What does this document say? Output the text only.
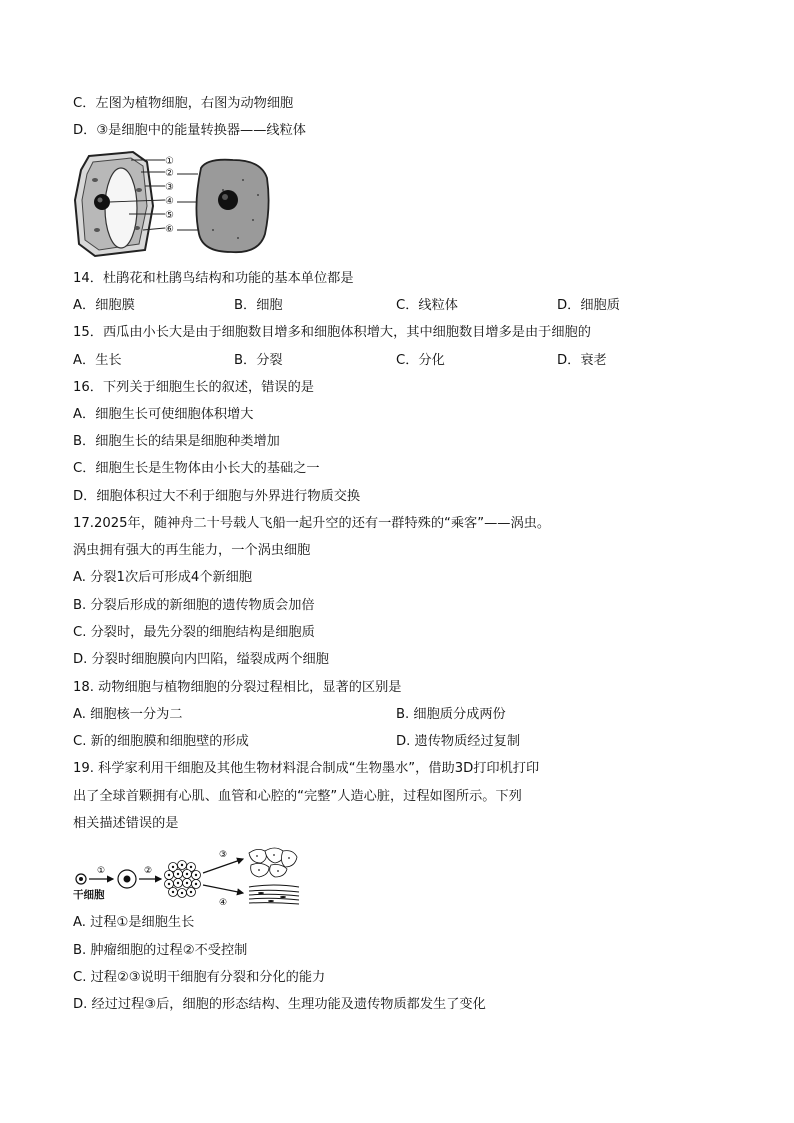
C．左图为植物细胞，右图为动物细胞
D．③是细胞中的能量转换器——线粒体
①
②
③
④
⑤
⑥
14．杜鹃花和杜鹃鸟结构和功能的基本单位都是
A．细胞膜	B．细胞	C．线粒体	D．细胞质
15．西瓜由小长大是由于细胞数目增多和细胞体积增大，其中细胞数目增多是由于细胞的
A．生长	B．分裂	C．分化	D．衰老
16．下列关于细胞生长的叙述，错误的是
A．细胞生长可使细胞体积增大
B．细胞生长的结果是细胞种类增加
C．细胞生长是生物体由小长大的基础之一
D．细胞体积过大不利于细胞与外界进行物质交换
17.2025年，随神舟二十号载人飞船一起升空的还有一群特殊的“乘客”——涡虫。
涡虫拥有强大的再生能力，一个涡虫细胞
A. 分裂1次后可形成4个新细胞
B. 分裂后形成的新细胞的遗传物质会加倍
C. 分裂时，最先分裂的细胞结构是细胞质
D. 分裂时细胞膜向内凹陷，缢裂成两个细胞
18. 动物细胞与植物细胞的分裂过程相比，显著的区别是
A. 细胞核一分为二	B. 细胞质分成两份
C. 新的细胞膜和细胞壁的形成	D. 遗传物质经过复制
19. 科学家利用干细胞及其他生物材料混合制成“生物墨水”，借助3D打印机打印
出了全球首颗拥有心肌、血管和心腔的“完整”人造心脏，过程如图所示。下列
相关描述错误的是
①	②
③
④
干细胞
A. 过程①是细胞生长
B. 肿瘤细胞的过程②不受控制
C. 过程②③说明干细胞有分裂和分化的能力
D. 经过过程③后，细胞的形态结构、生理功能及遗传物质都发生了变化
